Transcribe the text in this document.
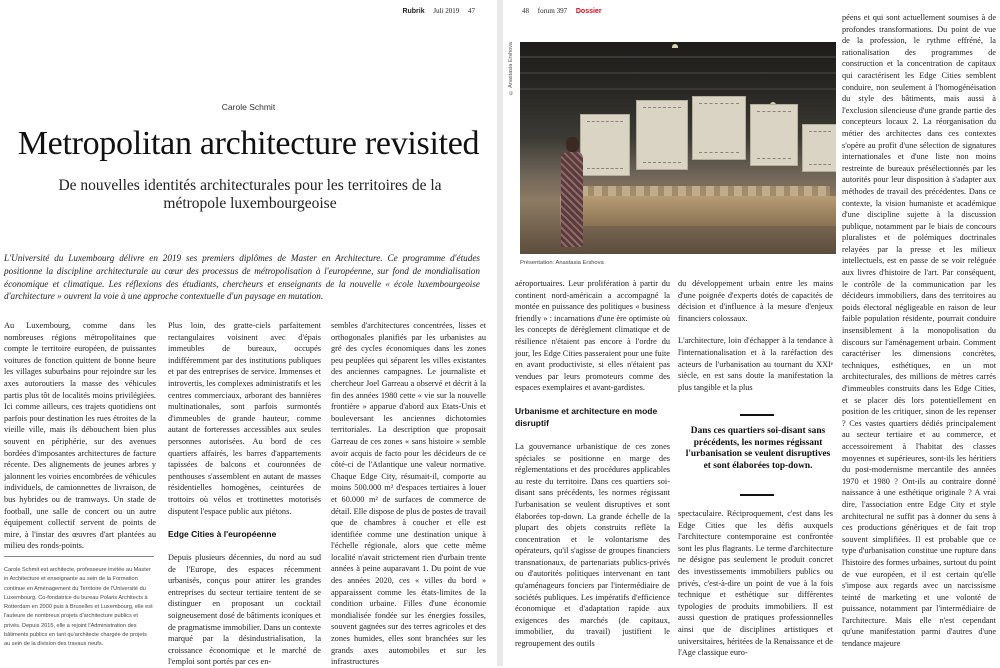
Rubrik Juli 2019 47
Carole Schmit
Metropolitan architecture revisited
De nouvelles identités architecturales pour les territoires de la métropole luxembourgeoise
L'Université du Luxembourg délivre en 2019 ses premiers diplômes de Master en Architecture. Ce programme d'études positionne la discipline architecturale au cœur des processus de métropolisation à l'européenne, sur fond de mondialisation économique et climatique. Les réflexions des étudiants, chercheurs et enseignants de la nouvelle « école luxembourgeoise d'architecture » ouvrent la voie à une approche contextuelle d'un paysage en mutation.

Au Luxembourg, comme dans les nombreuses régions métropolitaines que compte le territoire européen, de puissantes voitures de fonction quittent de bonne heure les villages suburbains pour rejoindre sur les axes autoroutiers la masse des véhicules partis plus tôt de localités moins privilégiées. Ici comme ailleurs, ces trajets quotidiens ont parfois pour destination les rues étroites de la vieille ville, mais ils débouchent bien plus souvent en périphérie, sur des avenues bordées d'imposantes architectures de facture récente. Des alignements de jeunes arbres y jalonnent les voiries encombrées de véhicules individuels, de camionnettes de livraison, de bus hybrides ou de tramways. Un stade de football, une salle de concert ou un autre équipement collectif servent de points de mire, à l'instar des œuvres d'art plantées au milieu des ronds-points.

Carole Schmit est architecte, professeure invitée au Master in Architecture et enseignante au sein de la Formation continue en Aménagement du Territoire de l'Université du Luxembourg. Co-fondatrice du bureau Polaris Architects à Rotterdam en 2000 puis à Bruxelles et Luxembourg, elle est l'auteure de nombreux projets d'architecture publics et privés. Depuis 2015, elle a rejoint l'Administration des bâtiments publics en tant qu'architecte chargée de projets au sein de la division des travaux neufs.

Plus loin, des gratte-ciels parfaitement rectangulaires voisinent avec d'épais immeubles de bureaux, occupés indifféremment par des institutions publiques et par des entreprises de service. Immenses et introvertis, les complexes administratifs et les centres commerciaux, arborant des bannières multinationales, sont parfois surmontés d'immeubles de grande hauteur, comme autant de forteresses accessibles aux seules personnes autorisées. Au bord de ces quartiers affairés, les barres d'appartements tapissées de balcons et couronnées de penthouses s'assemblent en autant de masses résidentielles homogènes, ceinturées de trottoirs où vélos et trottinettes motorisés disputent l'espace public aux piétons.

Edge Cities à l'européenne

Depuis plusieurs décennies, du nord au sud de l'Europe, des espaces récemment urbanisés, conçus pour attirer les grandes entreprises du secteur tertiaire tentent de se distinguer en proposant un cocktail soigneusement dosé de bâtiments iconiques et de pragmatisme immobilier. Dans un contexte marqué par la désindustrialisation, la croissance économique et le marché de l'emploi sont portés par ces en-

sembles d'architectures concentrées, lisses et orthogonales planifiés par les urbanistes au gré des cycles économiques dans les zones peu peuplées qui séparent les villes existantes des anciennes campagnes. Le journaliste et chercheur Joel Garreau a observé et décrit à la fin des années 1980 cette « vie sur la nouvelle frontière » apparue d'abord aux Etats-Unis et bouleversant les anciennes dichotomies territoriales. La description que proposait Garreau de ces zones « sans histoire » semble avoir acquis de facto pour les décideurs de ce côté-ci de l'Atlantique une valeur normative. Chaque Edge City, résumait-il, comporte au moins 500.000 m² d'espaces tertiaires à louer et 60.000 m² de surfaces de commerce de détail. Elle dispose de plus de postes de travail que de chambres à coucher et elle est identifiée comme une destination unique à l'échelle régionale, alors que cette même localité n'avait strictement rien d'urbain trente années à peine auparavant 1. Du point de vue des années 2020, ces « villes du bord » apparaissent comme les états-limites de la condition urbaine. Filles d'une économie mondialisée fondée sur les énergies fossiles, souvent gagnées sur des terres agricoles et des zones humides, elles sont branchées sur les grands axes automobiles et sur les infrastructures

48 forum 397 Dossier
© Anastasia Ershova
Présentation: Anastasia Ershova

aéroportuaires. Leur prolifération à partir du continent nord-américain a accompagné la montée en puissance des politiques « business friendly » : incarnations d'une ère optimiste où les concepts de dérèglement climatique et de résilience n'étaient pas encore à l'ordre du jour, les Edge Cities passeraient pour une fuite en avant productiviste, si elles n'étaient pas vendues par leurs promoteurs comme des espaces exemplaires et avant-gardistes.

Urbanisme et architecture en mode disruptif

La gouvernance urbanistique de ces zones spéciales se positionne en marge des réglementations et des procédures applicables au reste du territoire. Dans ces quartiers soi-disant sans précédents, les normes régissant l'urbanisation se veulent disruptives et sont élaborées top-down. La grande échelle de la plupart des objets construits reflète la concentration et le volontarisme des opérateurs, qu'il s'agisse de groupes financiers transnationaux, de partenariats publics-privés ou d'autorités politiques intervenant en tant qu'aménageurs fonciers par l'intermédiaire de sociétés publiques. Les impératifs d'efficience économique et d'adaptation rapide aux exigences des marchés (de capitaux, immobilier, du travail) justifient le regroupement des outils

du développement urbain entre les mains d'une poignée d'experts dotés de capacités de décision et d'influence à la mesure d'enjeux financiers colossaux.

L'architecture, loin d'échapper à la tendance à l'internationalisation et à la raréfaction des acteurs de l'urbanisation au tournant du XXIᵉ siècle, en est sans doute la manifestation la plus tangible et la plus

Dans ces quartiers soi-disant sans précédents, les normes régissant l'urbanisation se veulent disruptives et sont élaborées top-down.

spectaculaire. Réciproquement, c'est dans les Edge Cities que les défis auxquels l'architecture contemporaine est confrontée sont les plus flagrants. Le terme d'architecture ne désigne pas seulement le produit concret des investissements immobiliers publics ou privés, c'est-à-dire un point de vue à la fois technique et esthétique sur différentes typologies de produits immobiliers. Il est aussi question de pratiques professionnelles ainsi que de disciplines artistiques et universitaires, héritées de la Renaissance et de l'Age classique euro-

péens et qui sont actuellement soumises à de profondes transformations. Du point de vue de la profession, le rythme effréné, la rationalisation des programmes de construction et la concentration de capitaux qui caractérisent les Edge Cities semblent conduire, non seulement à l'homogénéisation du style des bâtiments, mais aussi à l'exclusion silencieuse d'une grande partie des concepteurs locaux 2. La réorganisation du métier des architectes dans ces contextes s'opère au profit d'une sélection de signatures internationales et d'une liste non moins restreinte de bureaux présélectionnés par les autorités pour leur disposition à s'adapter aux méthodes de travail des précédentes. Dans ce contexte, la vision humaniste et académique d'une discipline sujette à la discussion publique, notamment par le biais de concours pluralistes et de polémiques doctrinales relayées par la presse et les milieux intellectuels, est en passe de se voir reléguée aux livres d'histoire de l'art. Par conséquent, le contrôle de la communication par les décideurs immobiliers, dans des territoires au poids électoral négligeable en raison de leur faible population résidente, pourrait conduire insensiblement à la monopolisation du discours sur l'aménagement urbain. Comment caractériser les dimensions concrètes, techniques, esthétiques, en un mot architecturales, des millions de mètres carrés d'immeubles construits dans les Edge Cities, et se placer dès lors potentiellement en position de les critiquer, sinon de les repenser ? Ces vastes quartiers dédiés principalement au secteur tertiaire et au commerce, et accessoirement à l'habitat des classes moyennes et supérieures, sont-ils les héritiers du post-modernisme mercantile des années 1970 et 1980 ? Ont-ils au contraire donné naissance à une esthétique originale ? A vrai dire, l'association entre Edge City et style architectural ne suffit pas à donner du sens à ces productions génériques et de fait trop souvent simplifiées. Il est probable que ce type d'urbanisation constitue une rupture dans l'histoire des formes urbaines, surtout du point de vue européen, et il est certain qu'elle s'impose aux regards avec un narcissisme teinté de marketing et une volonté de puissance, notamment par l'intermédiaire de l'architecture. Mais elle n'est cependant qu'une manifestation parmi d'autres d'une tendance majeure
